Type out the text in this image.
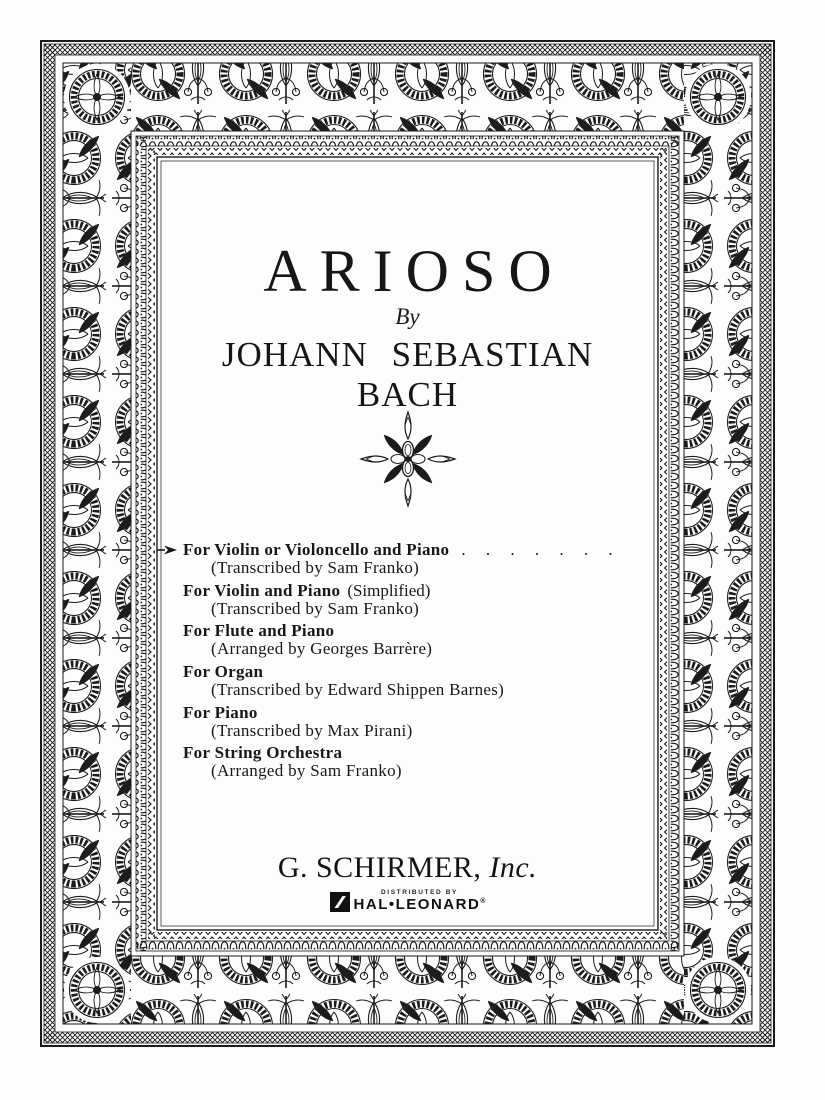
ARIOSO
By
JOHANN SEBASTIAN BACH
For Violin or Violoncello and Piano . . . . . . .
(Transcribed by Sam Franko)
For Violin and Piano (Simplified)
(Transcribed by Sam Franko)
For Flute and Piano
(Arranged by Georges Barrère)
For Organ
(Transcribed by Edward Shippen Barnes)
For Piano
(Transcribed by Max Pirani)
For String Orchestra
(Arranged by Sam Franko)
G. SCHIRMER, Inc.
DISTRIBUTED BY
HAL•LEONARD®
